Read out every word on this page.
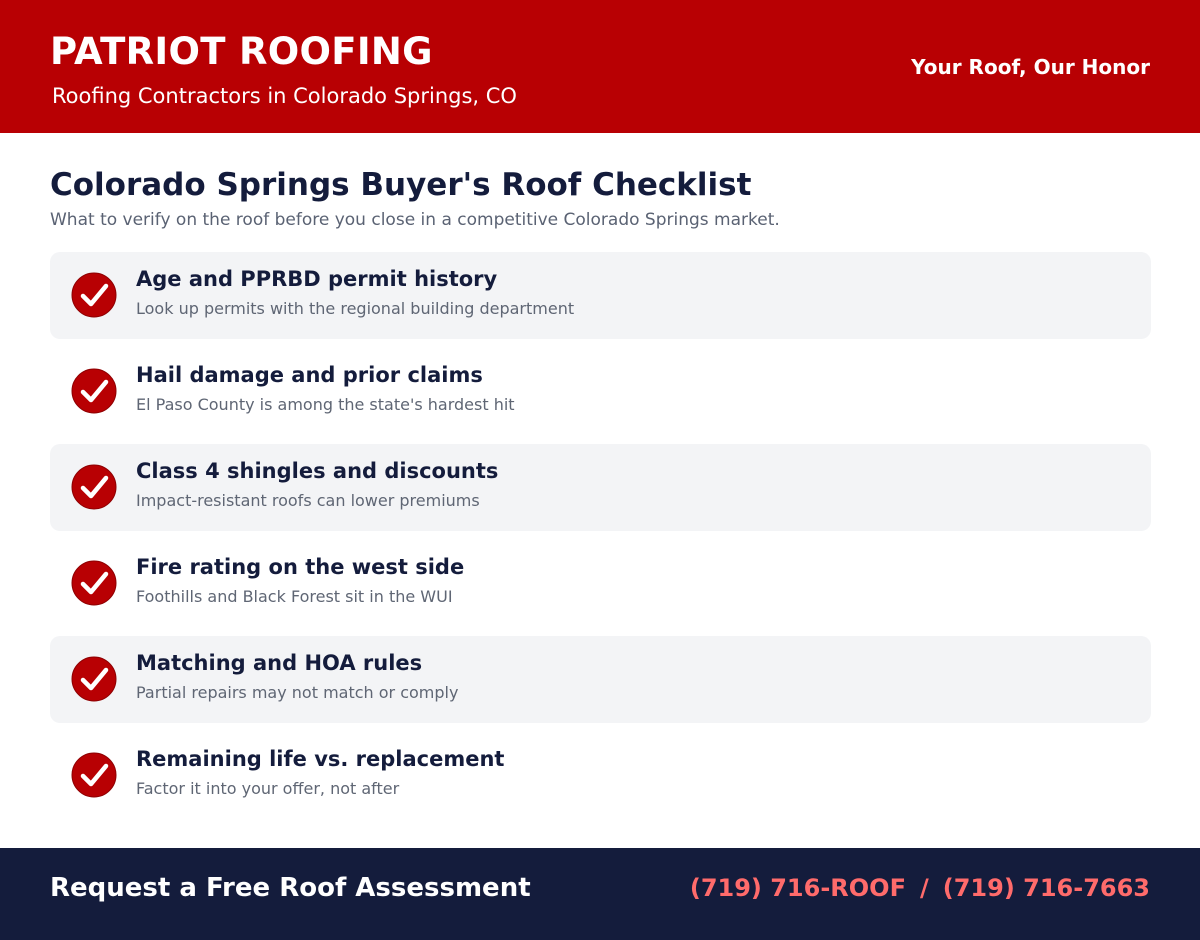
PATRIOT ROOFING
Roofing Contractors in Colorado Springs, CO
Your Roof, Our Honor
Colorado Springs Buyer's Roof Checklist
What to verify on the roof before you close in a competitive Colorado Springs market.
Age and PPRBD permit history
Look up permits with the regional building department
Hail damage and prior claims
El Paso County is among the state's hardest hit
Class 4 shingles and discounts
Impact-resistant roofs can lower premiums
Fire rating on the west side
Foothills and Black Forest sit in the WUI
Matching and HOA rules
Partial repairs may not match or comply
Remaining life vs. replacement
Factor it into your offer, not after
Request a Free Roof Assessment	(719) 716-ROOF / (719) 716-7663
